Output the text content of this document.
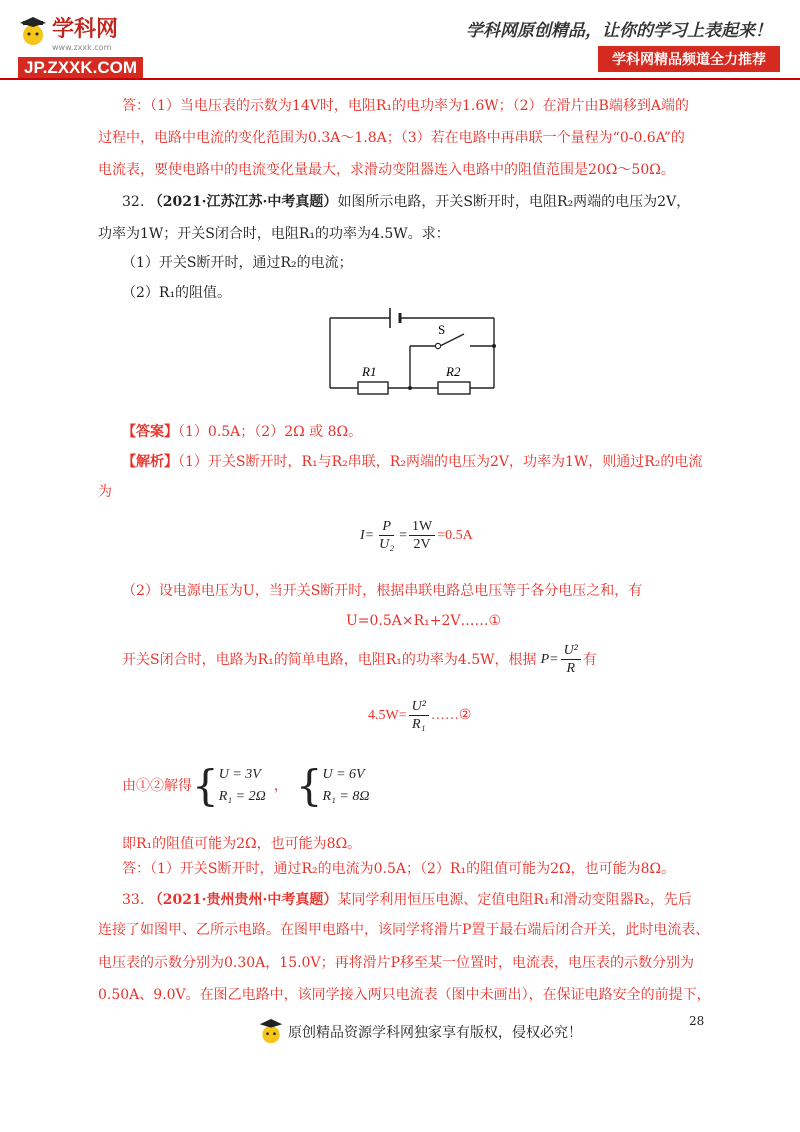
学科网
www.zxxk.com
JP.ZXXK.COM
学科网原创精品，让你的学习上表起来！
学科网精品频道全力推荐
答：（1）当电压表的示数为14V时，电阻R₁的电功率为1.6W；（2）在滑片由B端移到A端的
过程中，电路中电流的变化范围为0.3A～1.8A；（3）若在电路中再串联一个量程为“0-0.6A”的
电流表，要使电路中的电流变化量最大，求滑动变阻器连入电路中的阻值范围是20Ω～50Ω。
32. （2021·江苏江苏·中考真题）如图所示电路，开关S断开时，电阻R₂两端的电压为2V，
功率为1W；开关S闭合时，电阻R₁的功率为4.5W。求：
（1）开关S断开时，通过R₂的电流；
（2）R₁的阻值。
S
R1	R2
【答案】（1）0.5A；（2）2Ω 或 8Ω。
【解析】（1）开关S断开时，R₁与R₂串联，R₂两端的电压为2V，功率为1W，则通过R₂的电流
为
$I= \frac{P}{\text{U₂}} = \frac{1W}{2V} =0.5A$
（2）设电源电压为U，当开关S断开时，根据串联电路总电压等于各分电压之和，有
U=0.5A×R₁+2V……①
开关S闭合时，电路为R₁的简单电路，电阻R₁的功率为4.5W，根据 $P= \frac{\text{U²}}{R}$ 有
$4.5W= \frac{\text{U²}}{\text{R₁}}$ ……②
由①②解得 { U = 3V
R₁ = 2Ω
， { U = 6V
R₁ = 8Ω
即R₁的阻值可能为2Ω，也可能为8Ω。
答：（1）开关S断开时，通过R₂的电流为0.5A；（2）R₁的阻值可能为2Ω，也可能为8Ω。
33. （2021·贵州贵州·中考真题）某同学利用恒压电源、定值电阻R₁和滑动变阻器R₂，先后
连接了如图甲、乙所示电路。在图甲电路中，该同学将滑片P置于最右端后闭合开关，此时电流表、
电压表的示数分别为0.30A，15.0V；再将滑片P移至某一位置时，电流表，电压表的示数分别为
0.50A、9.0V。在图乙电路中，该同学接入两只电流表（图中未画出），在保证电路安全的前提下，
28
原创精品资源学科网独家享有版权，侵权必究！
